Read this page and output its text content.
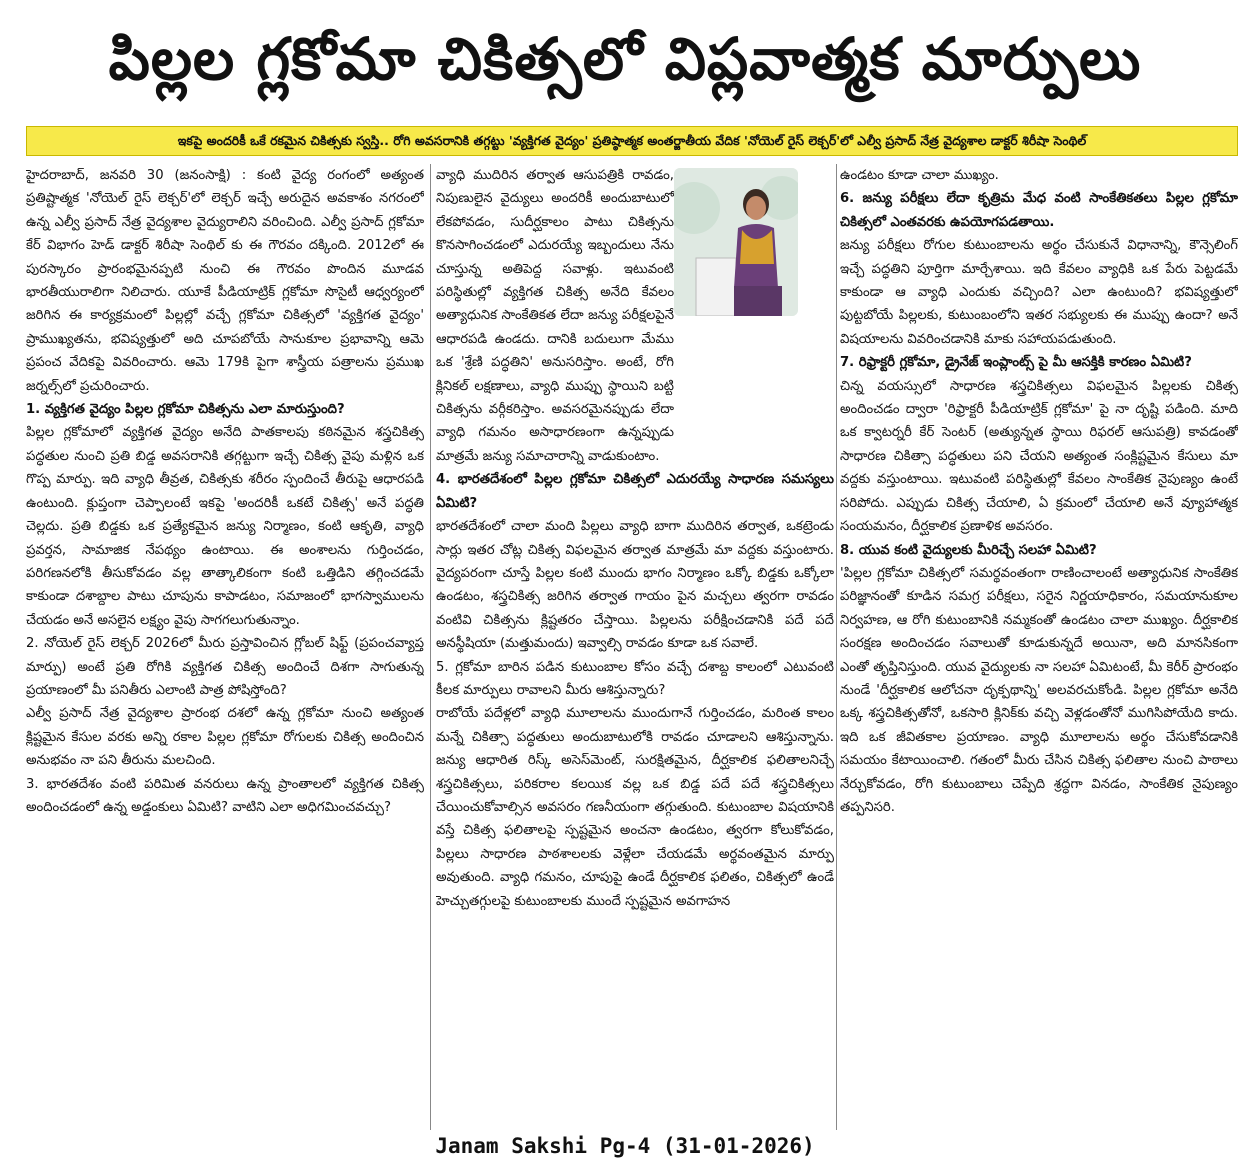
పిల్లల గ్లకోమా చికిత్సలో విప్లవాత్మక మార్పులు
ఇకపై అందరికీ ఒకే రకమైన చికిత్సకు స్వస్తి.. రోగి అవసరానికి తగ్గట్టు 'వ్యక్తిగత వైద్యం' ప్రతిష్ఠాత్మక అంతర్జాతీయ వేదిక 'నోయెల్ రైస్ లెక్చర్'లో ఎల్వీ ప్రసాద్ నేత్ర వైద్యశాల డాక్టర్ శిరీషా సెంథిల్

హైదరాబాద్, జనవరి 30 (జనంసాక్షి) : కంటి వైద్య రంగంలో అత్యంత ప్రతిష్టాత్మక 'నోయెల్ రైస్ లెక్చర్'లో లెక్చర్ ఇచ్చే అరుదైన అవకాశం నగరంలో ఉన్న ఎల్వీ ప్రసాద్ నేత్ర వైద్యశాల వైద్యురాలిని వరించింది. ఎల్వీ ప్రసాద్ గ్లకోమా కేర్ విభాగం హెడ్ డాక్టర్ శిరీషా సెంథిల్ కు ఈ గౌరవం దక్కింది. 2012లో ఈ పురస్కారం ప్రారంభమైనప్పటి నుంచి ఈ గౌరవం పొందిన మూడవ భారతీయురాలిగా నిలిచారు. యూకే పీడియాట్రిక్ గ్లకోమా సొసైటీ ఆధ్వర్యంలో జరిగిన ఈ కార్యక్రమంలో పిల్లల్లో వచ్చే గ్లకోమా చికిత్సలో 'వ్యక్తిగత వైద్యం' ప్రాముఖ్యతను, భవిష్యత్తులో అది చూపబోయే సానుకూల ప్రభావాన్ని ఆమె ప్రపంచ వేదికపై వివరించారు. ఆమె 179కి పైగా శాస్త్రీయ పత్రాలను ప్రముఖ జర్నల్స్‌లో ప్రచురించారు.

1. వ్యక్తిగత వైద్యం పిల్లల గ్లకోమా చికిత్సను ఎలా మారుస్తుంది?

పిల్లల గ్లకోమాలో వ్యక్తిగత వైద్యం అనేది పాతకాలపు కఠినమైన శస్త్రచికిత్స పద్ధతుల నుంచి ప్రతి బిడ్డ అవసరానికి తగ్గట్టుగా ఇచ్చే చికిత్స వైపు మళ్లిన ఒక గొప్ప మార్పు. ఇది వ్యాధి తీవ్రత, చికిత్సకు శరీరం స్పందించే తీరుపై ఆధారపడి ఉంటుంది. క్లుప్తంగా చెప్పాలంటే ఇకపై 'అందరికీ ఒకటే చికిత్స' అనే పద్ధతి చెల్లదు. ప్రతి బిడ్డకు ఒక ప్రత్యేకమైన జన్యు నిర్మాణం, కంటి ఆకృతి, వ్యాధి ప్రవర్తన, సామాజిక నేపథ్యం ఉంటాయి. ఈ అంశాలను గుర్తించడం, పరిగణనలోకి తీసుకోవడం వల్ల తాత్కాలికంగా కంటి ఒత్తిడిని తగ్గించడమే కాకుండా దశాబ్దాల పాటు చూపును కాపాడటం, సమాజంలో భాగస్వాములను చేయడం అనే అసలైన లక్ష్యం వైపు సాగగలుగుతున్నాం.

2. నోయెల్ రైస్ లెక్చర్ 2026లో మీరు ప్రస్తావించిన గ్లోబల్ షిఫ్ట్ (ప్రపంచవ్యాప్త మార్పు) అంటే ప్రతి రోగికి వ్యక్తిగత చికిత్స అందించే దిశగా సాగుతున్న ప్రయాణంలో మీ పనితీరు ఎలాంటి పాత్ర పోషిస్తోంది?

ఎల్వీ ప్రసాద్ నేత్ర వైద్యశాల ప్రారంభ దశలో ఉన్న గ్లకోమా నుంచి అత్యంత క్లిష్టమైన కేసుల వరకు అన్ని రకాల పిల్లల గ్లకోమా రోగులకు చికిత్స అందించిన అనుభవం నా పని తీరును మలచింది.

3. భారతదేశం వంటి పరిమిత వనరులు ఉన్న ప్రాంతాలలో వ్యక్తిగత చికిత్స అందించడంలో ఉన్న అడ్డంకులు ఏమిటి? వాటిని ఎలా అధిగమించవచ్చు?

వ్యాధి ముదిరిన తర్వాత ఆసుపత్రికి రావడం, నిపుణులైన వైద్యులు అందరికీ అందుబాటులో లేకపోవడం, సుదీర్ఘకాలం పాటు చికిత్సను కొనసాగించడంలో ఎదురయ్యే ఇబ్బందులు నేను చూస్తున్న అతిపెద్ద సవాళ్లు. ఇటువంటి పరిస్థితుల్లో వ్యక్తిగత చికిత్స అనేది కేవలం అత్యాధునిక సాంకేతికత లేదా జన్యు పరీక్షలపైనే ఆధారపడి ఉండదు. దానికి బదులుగా మేము ఒక 'శ్రేణి పద్ధతిని' అనుసరిస్తాం. అంటే, రోగి క్లినికల్ లక్షణాలు, వ్యాధి ముప్పు స్థాయిని బట్టి చికిత్సను వర్గీకరిస్తాం. అవసరమైనప్పుడు లేదా వ్యాధి గమనం అసాధారణంగా ఉన్నప్పుడు మాత్రమే జన్యు సమాచారాన్ని వాడుకుంటాం.

4. భారతదేశంలో పిల్లల గ్లకోమా చికిత్సలో ఎదురయ్యే సాధారణ సమస్యలు ఏమిటి?

భారతదేశంలో చాలా మంది పిల్లలు వ్యాధి బాగా ముదిరిన తర్వాత, ఒకట్రెండు సార్లు ఇతర చోట్ల చికిత్స విఫలమైన తర్వాత మాత్రమే మా వద్దకు వస్తుంటారు. వైద్యపరంగా చూస్తే పిల్లల కంటి ముందు భాగం నిర్మాణం ఒక్కో బిడ్డకు ఒక్కోలా ఉండటం, శస్త్రచికిత్స జరిగిన తర్వాత గాయం పైన మచ్చలు త్వరగా రావడం వంటివి చికిత్సను క్లిష్టతరం చేస్తాయి. పిల్లలను పరీక్షించడానికి పదే పదే అనస్థీషియా (మత్తుమందు) ఇవ్వాల్సి రావడం కూడా ఒక సవాలే.

5. గ్లకోమా బారిన పడిన కుటుంబాల కోసం వచ్చే దశాబ్ద కాలంలో ఎటువంటి కీలక మార్పులు రావాలని మీరు ఆశిస్తున్నారు?

రాబోయే పదేళ్లలో వ్యాధి మూలాలను ముందుగానే గుర్తించడం, మరింత కాలం మన్నే చికిత్సా పద్ధతులు అందుబాటులోకి రావడం చూడాలని ఆశిస్తున్నాను. జన్యు ఆధారిత రిస్క్ అసెస్‌మెంట్, సురక్షితమైన, దీర్ఘకాలిక ఫలితాలనిచ్చే శస్త్రచికిత్సలు, పరికరాల కలయిక వల్ల ఒక బిడ్డ పదే పదే శస్త్రచికిత్సలు చేయించుకోవాల్సిన అవసరం గణనీయంగా తగ్గుతుంది. కుటుంబాల విషయానికి వస్తే చికిత్స ఫలితాలపై స్పష్టమైన అంచనా ఉండటం, త్వరగా కోలుకోవడం, పిల్లలు సాధారణ పాఠశాలలకు వెళ్లేలా చేయడమే అర్థవంతమైన మార్పు అవుతుంది. వ్యాధి గమనం, చూపుపై ఉండే దీర్ఘకాలిక ఫలితం, చికిత్సలో ఉండే హెచ్చుతగ్గులపై కుటుంబాలకు ముందే స్పష్టమైన అవగాహన

ఉండటం కూడా చాలా ముఖ్యం.

6. జన్యు పరీక్షలు లేదా కృత్రిమ మేధ వంటి సాంకేతికతలు పిల్లల గ్లకోమా చికిత్సలో ఎంతవరకు ఉపయోగపడతాయి.

జన్యు పరీక్షలు రోగుల కుటుంబాలను అర్థం చేసుకునే విధానాన్ని, కౌన్సెలింగ్ ఇచ్చే పద్ధతిని పూర్తిగా మార్చేశాయి. ఇది కేవలం వ్యాధికి ఒక పేరు పెట్టడమే కాకుండా ఆ వ్యాధి ఎందుకు వచ్చింది? ఎలా ఉంటుంది? భవిష్యత్తులో పుట్టబోయే పిల్లలకు, కుటుంబంలోని ఇతర సభ్యులకు ఈ ముప్పు ఉందా? అనే విషయాలను వివరించడానికి మాకు సహాయపడుతుంది.

7. రిఫ్రాక్టరీ గ్లకోమా, డ్రైనేజ్ ఇంప్లాంట్స్ పై మీ ఆసక్తికి కారణం ఏమిటి?

చిన్న వయస్సులో సాధారణ శస్త్రచికిత్సలు విఫలమైన పిల్లలకు చికిత్స అందించడం ద్వారా 'రిఫ్రాక్టరీ పీడియాట్రిక్ గ్లకోమా' పై నా దృష్టి పడింది. మాది ఒక క్వాటర్నరీ కేర్ సెంటర్ (అత్యున్నత స్థాయి రిఫరల్ ఆసుపత్రి) కావడంతో సాధారణ చికిత్సా పద్ధతులు పని చేయని అత్యంత సంక్లిష్టమైన కేసులు మా వద్దకు వస్తుంటాయి. ఇటువంటి పరిస్థితుల్లో కేవలం సాంకేతిక నైపుణ్యం ఉంటే సరిపోదు. ఎప్పుడు చికిత్స చేయాలి, ఏ క్రమంలో చేయాలి అనే వ్యూహాత్మక సంయమనం, దీర్ఘకాలిక ప్రణాళిక అవసరం.

8. యువ కంటి వైద్యులకు మీరిచ్చే సలహా ఏమిటి?

'పిల్లల గ్లకోమా చికిత్సలో సమర్థవంతంగా రాణించాలంటే అత్యాధునిక సాంకేతిక పరిజ్ఞానంతో కూడిన సమగ్ర పరీక్షలు, సరైన నిర్ణయాధికారం, సమయానుకూల నిర్వహణ, ఆ రోగి కుటుంబానికి నమ్మకంతో ఉండటం చాలా ముఖ్యం. దీర్ఘకాలిక సంరక్షణ అందించడం సవాలుతో కూడుకున్నదే అయినా, అది మానసికంగా ఎంతో తృప్తినిస్తుంది. యువ వైద్యులకు నా సలహా ఏమిటంటే, మీ కెరీర్ ప్రారంభం నుండే 'దీర్ఘకాలిక ఆలోచనా దృక్పథాన్ని' అలవరచుకోండి. పిల్లల గ్లకోమా అనేది ఒక్క శస్త్రచికిత్సతోనో, ఒకసారి క్లినిక్‌కు వచ్చి వెళ్లడంతోనో ముగిసిపోయేది కాదు. ఇది ఒక జీవితకాల ప్రయాణం. వ్యాధి మూలాలను అర్థం చేసుకోవడానికి సమయం కేటాయించాలి. గతంలో మీరు చేసిన చికిత్స ఫలితాల నుంచి పాఠాలు నేర్చుకోవడం, రోగి కుటుంబాలు చెప్పేది శ్రద్ధగా వినడం, సాంకేతిక నైపుణ్యం తప్పనిసరి.

Janam Sakshi Pg-4 (31-01-2026)
